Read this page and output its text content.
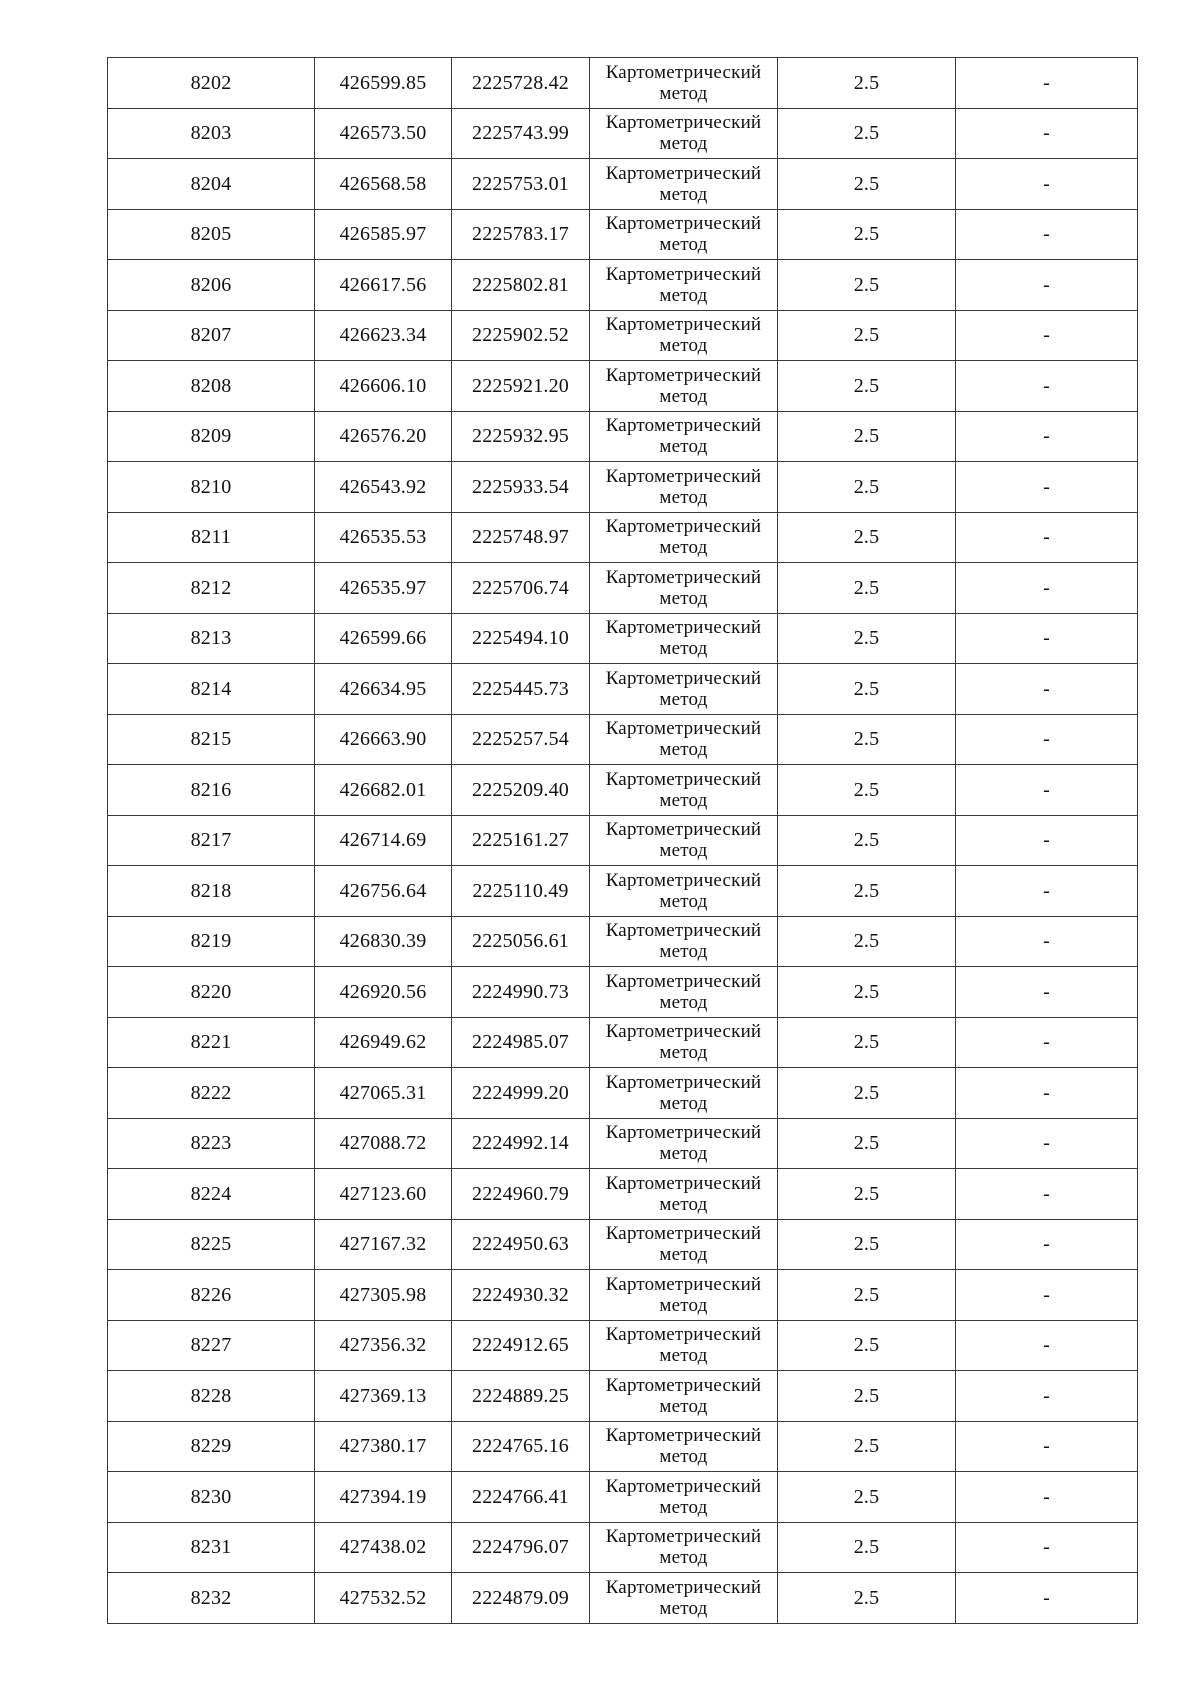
8202	426599.85	2225728.42	Картометрический метод	2.5	-
8203	426573.50	2225743.99	Картометрический метод	2.5	-
8204	426568.58	2225753.01	Картометрический метод	2.5	-
8205	426585.97	2225783.17	Картометрический метод	2.5	-
8206	426617.56	2225802.81	Картометрический метод	2.5	-
8207	426623.34	2225902.52	Картометрический метод	2.5	-
8208	426606.10	2225921.20	Картометрический метод	2.5	-
8209	426576.20	2225932.95	Картометрический метод	2.5	-
8210	426543.92	2225933.54	Картометрический метод	2.5	-
8211	426535.53	2225748.97	Картометрический метод	2.5	-
8212	426535.97	2225706.74	Картометрический метод	2.5	-
8213	426599.66	2225494.10	Картометрический метод	2.5	-
8214	426634.95	2225445.73	Картометрический метод	2.5	-
8215	426663.90	2225257.54	Картометрический метод	2.5	-
8216	426682.01	2225209.40	Картометрический метод	2.5	-
8217	426714.69	2225161.27	Картометрический метод	2.5	-
8218	426756.64	2225110.49	Картометрический метод	2.5	-
8219	426830.39	2225056.61	Картометрический метод	2.5	-
8220	426920.56	2224990.73	Картометрический метод	2.5	-
8221	426949.62	2224985.07	Картометрический метод	2.5	-
8222	427065.31	2224999.20	Картометрический метод	2.5	-
8223	427088.72	2224992.14	Картометрический метод	2.5	-
8224	427123.60	2224960.79	Картометрический метод	2.5	-
8225	427167.32	2224950.63	Картометрический метод	2.5	-
8226	427305.98	2224930.32	Картометрический метод	2.5	-
8227	427356.32	2224912.65	Картометрический метод	2.5	-
8228	427369.13	2224889.25	Картометрический метод	2.5	-
8229	427380.17	2224765.16	Картометрический метод	2.5	-
8230	427394.19	2224766.41	Картометрический метод	2.5	-
8231	427438.02	2224796.07	Картометрический метод	2.5	-
8232	427532.52	2224879.09	Картометрический метод	2.5	-
